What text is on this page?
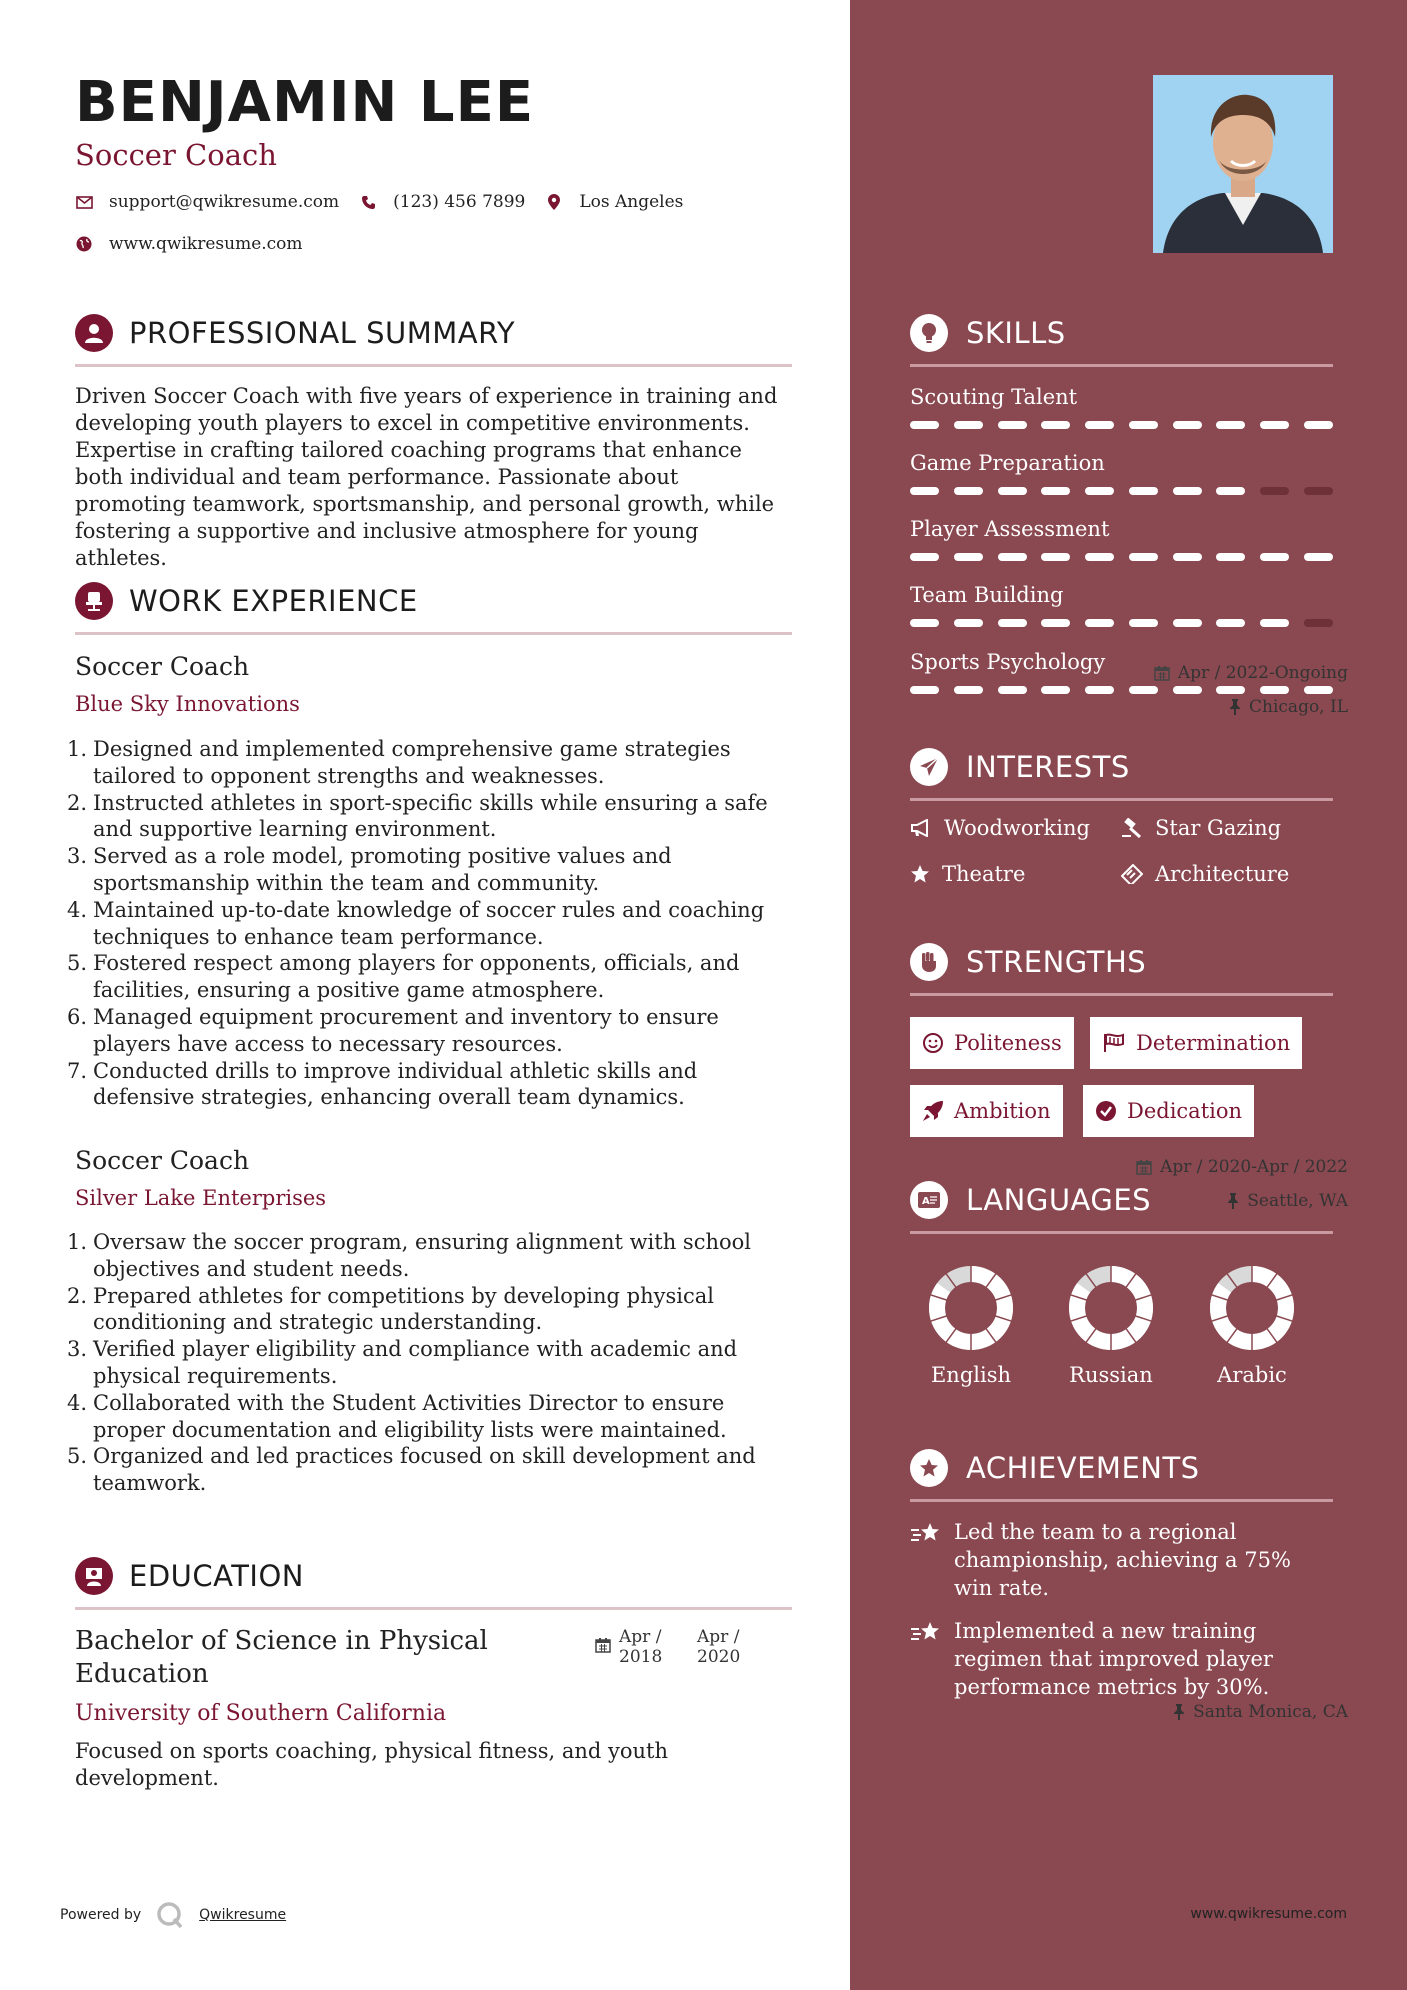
BENJAMIN LEE
Soccer Coach
support@qwikresume.com	(123) 456 7899	Los Angeles
www.qwikresume.com
PROFESSIONAL SUMMARY
Driven Soccer Coach with five years of experience in training and developing youth players to excel in competitive environments. Expertise in crafting tailored coaching programs that enhance both individual and team performance. Passionate about promoting teamwork, sportsmanship, and personal growth, while fostering a supportive and inclusive atmosphere for young athletes.
WORK EXPERIENCE
Soccer Coach	Apr / 2022-Ongoing
Blue Sky Innovations	Chicago, IL
1. Designed and implemented comprehensive game strategies tailored to opponent strengths and weaknesses.
2. Instructed athletes in sport-specific skills while ensuring a safe and supportive learning environment.
3. Served as a role model, promoting positive values and sportsmanship within the team and community.
4. Maintained up-to-date knowledge of soccer rules and coaching techniques to enhance team performance.
5. Fostered respect among players for opponents, officials, and facilities, ensuring a positive game atmosphere.
6. Managed equipment procurement and inventory to ensure players have access to necessary resources.
7. Conducted drills to improve individual athletic skills and defensive strategies, enhancing overall team dynamics.
Soccer Coach	Apr / 2020-Apr / 2022
Silver Lake Enterprises	Seattle, WA
1. Oversaw the soccer program, ensuring alignment with school objectives and student needs.
2. Prepared athletes for competitions by developing physical conditioning and strategic understanding.
3. Verified player eligibility and compliance with academic and physical requirements.
4. Collaborated with the Student Activities Director to ensure proper documentation and eligibility lists were maintained.
5. Organized and led practices focused on skill development and teamwork.
EDUCATION
Bachelor of Science in Physical Education
Apr / 2018
Apr / 2020
University of Southern California	Santa Monica, CA
Focused on sports coaching, physical fitness, and youth development.
Powered by	Qwikresume	www.qwikresume.com
SKILLS
Scouting Talent
Game Preparation
Player Assessment
Team Building
Sports Psychology
INTERESTS
Woodworking	Star Gazing
Theatre	Architecture
STRENGTHS
Politeness	Determination
Ambition	Dedication
A LANGUAGES
English	Russian	Arabic
ACHIEVEMENTS
Led the team to a regional championship, achieving a 75% win rate.
Implemented a new training regimen that improved player performance metrics by 30%.
